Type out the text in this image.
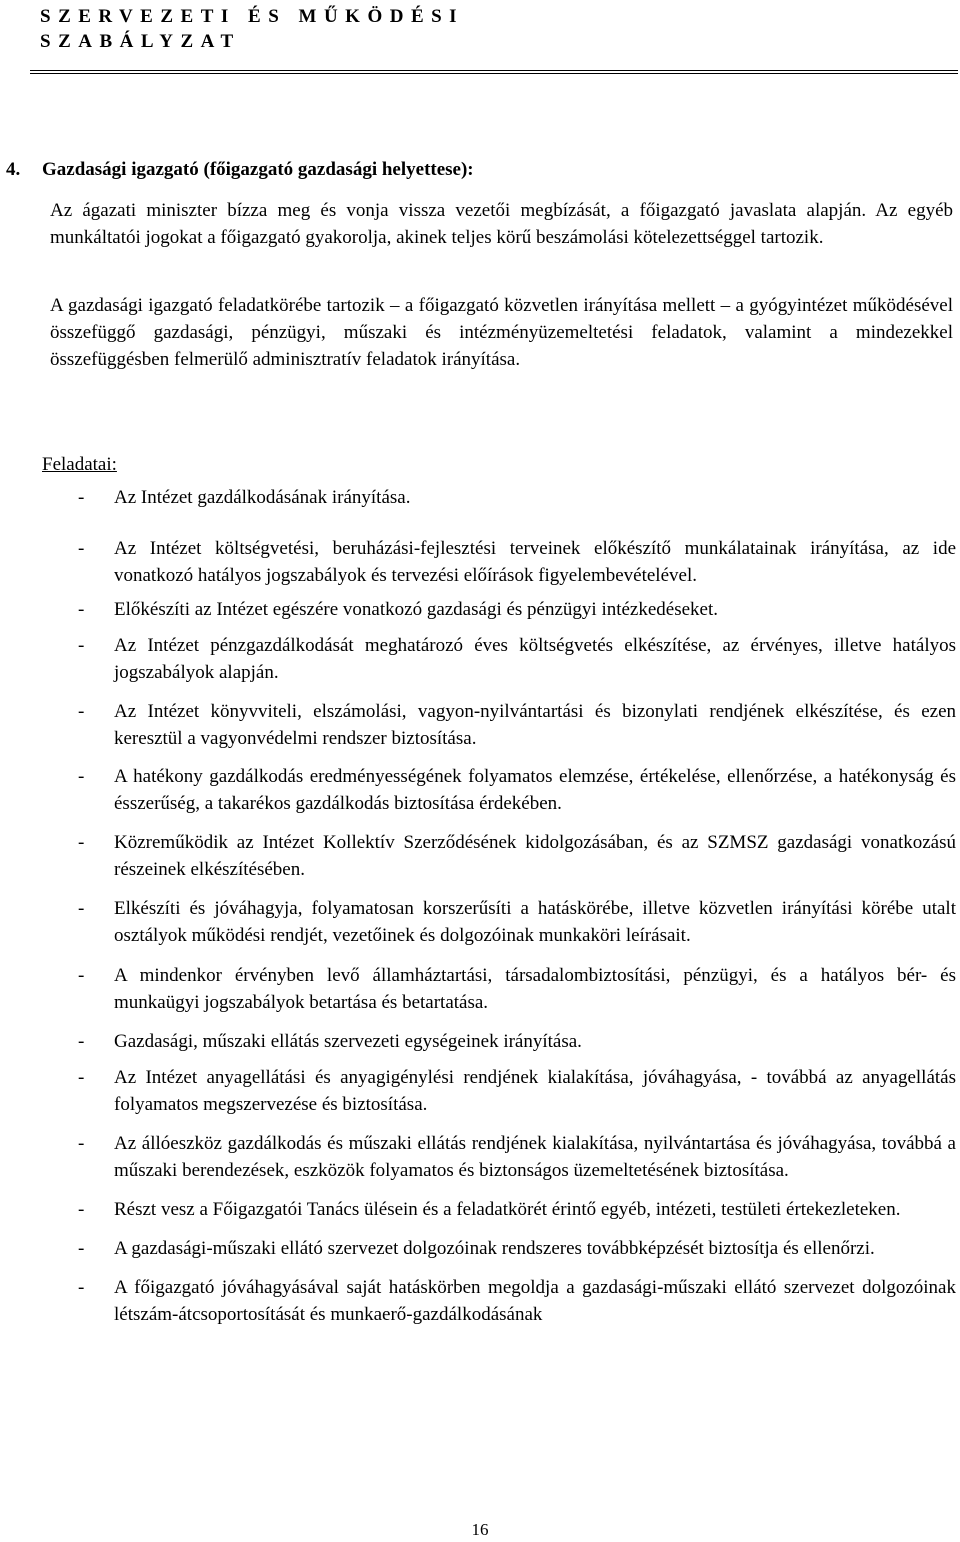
SZERVEZETI ÉS MŰKÖDÉSI
SZABÁLYZAT
4. Gazdasági igazgató (főigazgató gazdasági helyettese):
Az ágazati miniszter bízza meg és vonja vissza vezetői megbízását, a főigazgató javaslata alapján. Az egyéb munkáltatói jogokat a főigazgató gyakorolja, akinek teljes körű beszámolási kötelezettséggel tartozik.
A gazdasági igazgató feladatkörébe tartozik – a főigazgató közvetlen irányítása mellett – a gyógyintézet működésével összefüggő gazdasági, pénzügyi, műszaki és intézményüzemeltetési feladatok, valamint a mindezekkel összefüggésben felmerülő adminisztratív feladatok irányítása.
Feladatai:
- Az Intézet gazdálkodásának irányítása.
- Az Intézet költségvetési, beruházási-fejlesztési terveinek előkészítő munkálatainak irányítása, az ide vonatkozó hatályos jogszabályok és tervezési előírások figyelembevételével.
- Előkészíti az Intézet egészére vonatkozó gazdasági és pénzügyi intézkedéseket.
- Az Intézet pénzgazdálkodását meghatározó éves költségvetés elkészítése, az érvényes, illetve hatályos jogszabályok alapján.
- Az Intézet könyvviteli, elszámolási, vagyon-nyilvántartási és bizonylati rendjének elkészítése, és ezen keresztül a vagyonvédelmi rendszer biztosítása.
- A hatékony gazdálkodás eredményességének folyamatos elemzése, értékelése, ellenőrzése, a hatékonyság és ésszerűség, a takarékos gazdálkodás biztosítása érdekében.
- Közreműködik az Intézet Kollektív Szerződésének kidolgozásában, és az SZMSZ gazdasági vonatkozású részeinek elkészítésében.
- Elkészíti és jóváhagyja, folyamatosan korszerűsíti a hatáskörébe, illetve közvetlen irányítási körébe utalt osztályok működési rendjét, vezetőinek és dolgozóinak munkaköri leírásait.
- A mindenkor érvényben levő államháztartási, társadalombiztosítási, pénzügyi, és a hatályos bér- és munkaügyi jogszabályok betartása és betartatása.
- Gazdasági, műszaki ellátás szervezeti egységeinek irányítása.
- Az Intézet anyagellátási és anyagigénylési rendjének kialakítása, jóváhagyása, - továbbá az anyagellátás folyamatos megszervezése és biztosítása.
- Az állóeszköz gazdálkodás és műszaki ellátás rendjének kialakítása, nyilvántartása és jóváhagyása, továbbá a műszaki berendezések, eszközök folyamatos és biztonságos üzemeltetésének biztosítása.
- Részt vesz a Főigazgatói Tanács ülésein és a feladatkörét érintő egyéb, intézeti, testületi értekezleteken.
- A gazdasági-műszaki ellátó szervezet dolgozóinak rendszeres továbbképzését biztosítja és ellenőrzi.
- A főigazgató jóváhagyásával saját hatáskörben megoldja a gazdasági-műszaki ellátó szervezet dolgozóinak létszám-átcsoportosítását és munkaerő-gazdálkodásának
16
